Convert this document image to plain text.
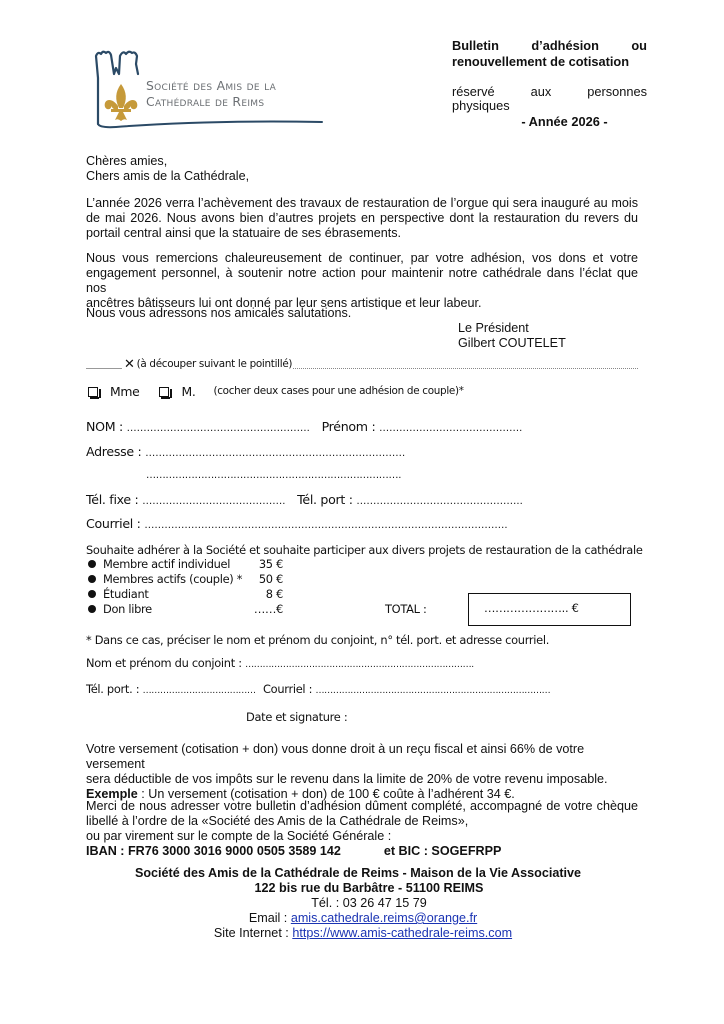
Société des Amis de la
Cathédrale de Reims
Bulletin d’adhésion ou
renouvellement de cotisation
réservé aux personnes
physiques
- Année 2026 -
Chères amies,
Chers amis de la Cathédrale,
L’année 2026 verra l’achèvement des travaux de restauration de l’orgue qui sera inauguré au mois
de mai 2026. Nous avons bien d’autres projets en perspective dont la restauration du revers du
portail central ainsi que la statuaire de ses ébrasements.
Nous vous remercions chaleureusement de continuer, par votre adhésion, vos dons et votre
engagement personnel, à soutenir notre action pour maintenir notre cathédrale dans l’éclat que nos
ancêtres bâtisseurs lui ont donné par leur sens artistique et leur labeur.
Nous vous adressons nos amicales salutations.
Le Président
Gilbert COUTELET
✕ (à découper suivant le pointillé)
Mme	M. (cocher deux cases pour une adhésion de couple)*
NOM : ………………………………………………. Prénom : …………………………………….
Adresse : ……………………………………………………………………
…………………………………………………………………….
Tél. fixe : ……………………………………. Tél. port : …………………………………………..
Courriel : ……………………………………………………………………………………………….
Souhaite adhérer à la Société et souhaite participer aux divers projets de restauration de la cathédrale
Membre actif individuel	35 €
Membres actifs (couple) *	50 €
Étudiant	8 €
Don libre	……€	TOTAL :	………………….. €
* Dans ce cas, préciser le nom et prénom du conjoint, n° tél. port. et adresse courriel.
Nom et prénom du conjoint : …………………………………………………………………….
Tél. port. : ………………………………… Courriel : ………………………………………………………………………
Date et signature :
Votre versement (cotisation + don) vous donne droit à un reçu fiscal et ainsi 66% de votre versement
sera déductible de vos impôts sur le revenu dans la limite de 20% de votre revenu imposable.
Exemple : Un versement (cotisation + don) de 100 € coûte à l’adhérent 34 €.
Merci de nous adresser votre bulletin d’adhésion dûment complété, accompagné de votre chèque
libellé à l’ordre de la «Société des Amis de la Cathédrale de Reims»,
ou par virement sur le compte de la Société Générale :
IBAN : FR76 3000 3016 9000 0505 3589 142	et BIC : SOGEFRPP
Société des Amis de la Cathédrale de Reims - Maison de la Vie Associative
122 bis rue du Barbâtre - 51100 REIMS
Tél. : 03 26 47 15 79
Email : amis.cathedrale.reims@orange.fr
Site Internet : https://www.amis-cathedrale-reims.com
